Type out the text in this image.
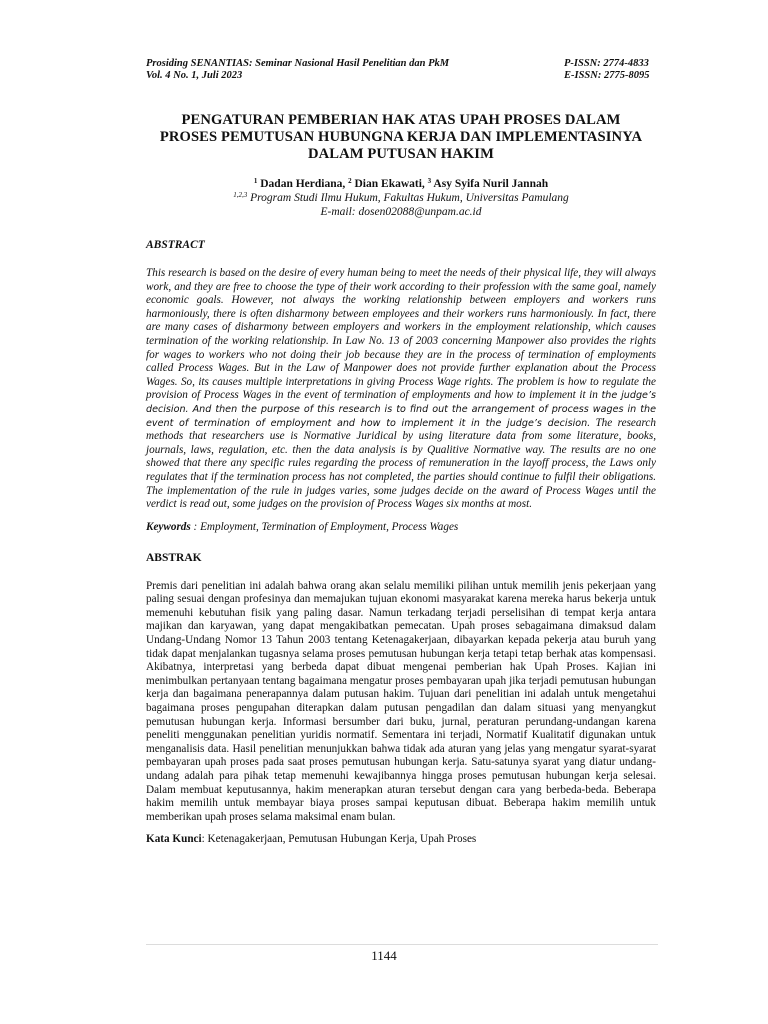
Prosiding SENANTIAS: Seminar Nasional Hasil Penelitian dan PkM
Vol. 4 No. 1, Juli 2023
P-ISSN: 2774-4833
E-ISSN: 2775-8095
PENGATURAN PEMBERIAN HAK ATAS UPAH PROSES DALAM
PROSES PEMUTUSAN HUBUNGNA KERJA DAN IMPLEMENTASINYA
DALAM PUTUSAN HAKIM
$^1$ Dadan Herdiana, $^2$ Dian Ekawati, $^3$ Asy Syifa Nuril Jannah
$^{1,2,3}$ Program Studi Ilmu Hukum, Fakultas Hukum, Universitas Pamulang
E-mail: dosen02088@unpam.ac.id
ABSTRACT
This research is based on the desire of every human being to meet the needs of their physical life, they will always work, and they are free to choose the type of their work according to their profession with the same goal, namely economic goals. However, not always the working relationship between employers and workers runs harmoniously, there is often disharmony between employees and their workers runs harmoniously. In fact, there are many cases of disharmony between employers and workers in the employment relationship, which causes termination of the working relationship. In Law No. 13 of 2003 concerning Manpower also provides the rights for wages to workers who not doing their job because they are in the process of termination of employments called Process Wages. But in the Law of Manpower does not provide further explanation about the Process Wages. So, its causes multiple interpretations in giving Process Wage rights. The problem is how to regulate the provision of Process Wages in the event of termination of employments and how to implement it in the judge’s decision. And then the purpose of this research is to find out the arrangement of process wages in the event of termination of employment and how to implement it in the judge’s decision. The research methods that researchers use is Normative Juridical by using literature data from some literature, books, journals, laws, regulation, etc. then the data analysis is by Qualitive Normative way. The results are no one showed that there any specific rules regarding the process of remuneration in the layoff process, the Laws only regulates that if the termination process has not completed, the parties should continue to fulfil their obligations. The implementation of the rule in judges varies, some judges decide on the award of Process Wages until the verdict is read out, some judges on the provision of Process Wages six months at most.
Keywords : Employment, Termination of Employment, Process Wages
ABSTRAK
Premis dari penelitian ini adalah bahwa orang akan selalu memiliki pilihan untuk memilih jenis pekerjaan yang paling sesuai dengan profesinya dan memajukan tujuan ekonomi masyarakat karena mereka harus bekerja untuk memenuhi kebutuhan fisik yang paling dasar. Namun terkadang terjadi perselisihan di tempat kerja antara majikan dan karyawan, yang dapat mengakibatkan pemecatan. Upah proses sebagaimana dimaksud dalam Undang-Undang Nomor 13 Tahun 2003 tentang Ketenagakerjaan, dibayarkan kepada pekerja atau buruh yang tidak dapat menjalankan tugasnya selama proses pemutusan hubungan kerja tetapi tetap berhak atas kompensasi. Akibatnya, interpretasi yang berbeda dapat dibuat mengenai pemberian hak Upah Proses. Kajian ini menimbulkan pertanyaan tentang bagaimana mengatur proses pembayaran upah jika terjadi pemutusan hubungan kerja dan bagaimana penerapannya dalam putusan hakim. Tujuan dari penelitian ini adalah untuk mengetahui bagaimana proses pengupahan diterapkan dalam putusan pengadilan dan dalam situasi yang menyangkut pemutusan hubungan kerja. Informasi bersumber dari buku, jurnal, peraturan perundang-undangan karena peneliti menggunakan penelitian yuridis normatif. Sementara ini terjadi, Normatif Kualitatif digunakan untuk menganalisis data. Hasil penelitian menunjukkan bahwa tidak ada aturan yang jelas yang mengatur syarat-syarat pembayaran upah proses pada saat proses pemutusan hubungan kerja. Satu-satunya syarat yang diatur undang-undang adalah para pihak tetap memenuhi kewajibannya hingga proses pemutusan hubungan kerja selesai. Dalam membuat keputusannya, hakim menerapkan aturan tersebut dengan cara yang berbeda-beda. Beberapa hakim memilih untuk membayar biaya proses sampai keputusan dibuat. Beberapa hakim memilih untuk memberikan upah proses selama maksimal enam bulan.
Kata Kunci: Ketenagakerjaan, Pemutusan Hubungan Kerja, Upah Proses
1144
